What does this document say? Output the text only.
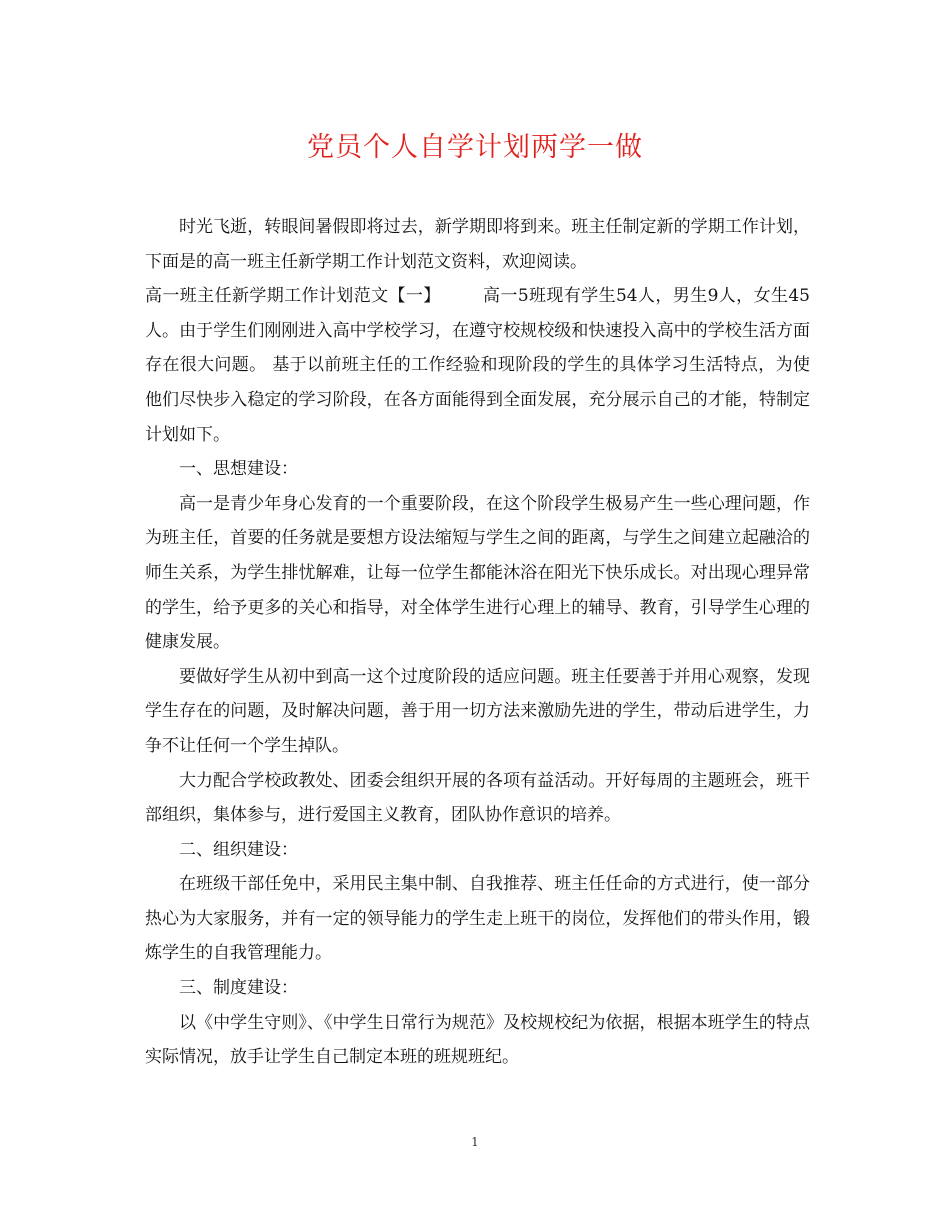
党员个人自学计划两学一做

时光飞逝，转眼间暑假即将过去，新学期即将到来。班主任制定新的学期工作计划，下面是的高一班主任新学期工作计划范文资料，欢迎阅读。

高一班主任新学期工作计划范文【一】 高一5班现有学生54人，男生9人，女生45人。由于学生们刚刚进入高中学校学习，在遵守校规校级和快速投入高中的学校生活方面存在很大问题。 基于以前班主任的工作经验和现阶段的学生的具体学习生活特点，为使他们尽快步入稳定的学习阶段，在各方面能得到全面发展，充分展示自己的才能，特制定计划如下。

一、思想建设：

高一是青少年身心发育的一个重要阶段，在这个阶段学生极易产生一些心理问题，作为班主任，首要的任务就是要想方设法缩短与学生之间的距离，与学生之间建立起融洽的师生关系，为学生排忧解难，让每一位学生都能沐浴在阳光下快乐成长。对出现心理异常的学生，给予更多的关心和指导，对全体学生进行心理上的辅导、教育，引导学生心理的健康发展。

要做好学生从初中到高一这个过度阶段的适应问题。班主任要善于并用心观察，发现学生存在的问题，及时解决问题，善于用一切方法来激励先进的学生，带动后进学生，力争不让任何一个学生掉队。

大力配合学校政教处、团委会组织开展的各项有益活动。开好每周的主题班会，班干部组织，集体参与，进行爱国主义教育，团队协作意识的培养。

二、组织建设：

在班级干部任免中，采用民主集中制、自我推荐、班主任任命的方式进行，使一部分热心为大家服务，并有一定的领导能力的学生走上班干的岗位，发挥他们的带头作用，锻炼学生的自我管理能力。

三、制度建设：

以《中学生守则》、《中学生日常行为规范》及校规校纪为依据，根据本班学生的特点实际情况，放手让学生自己制定本班的班规班纪。

1
